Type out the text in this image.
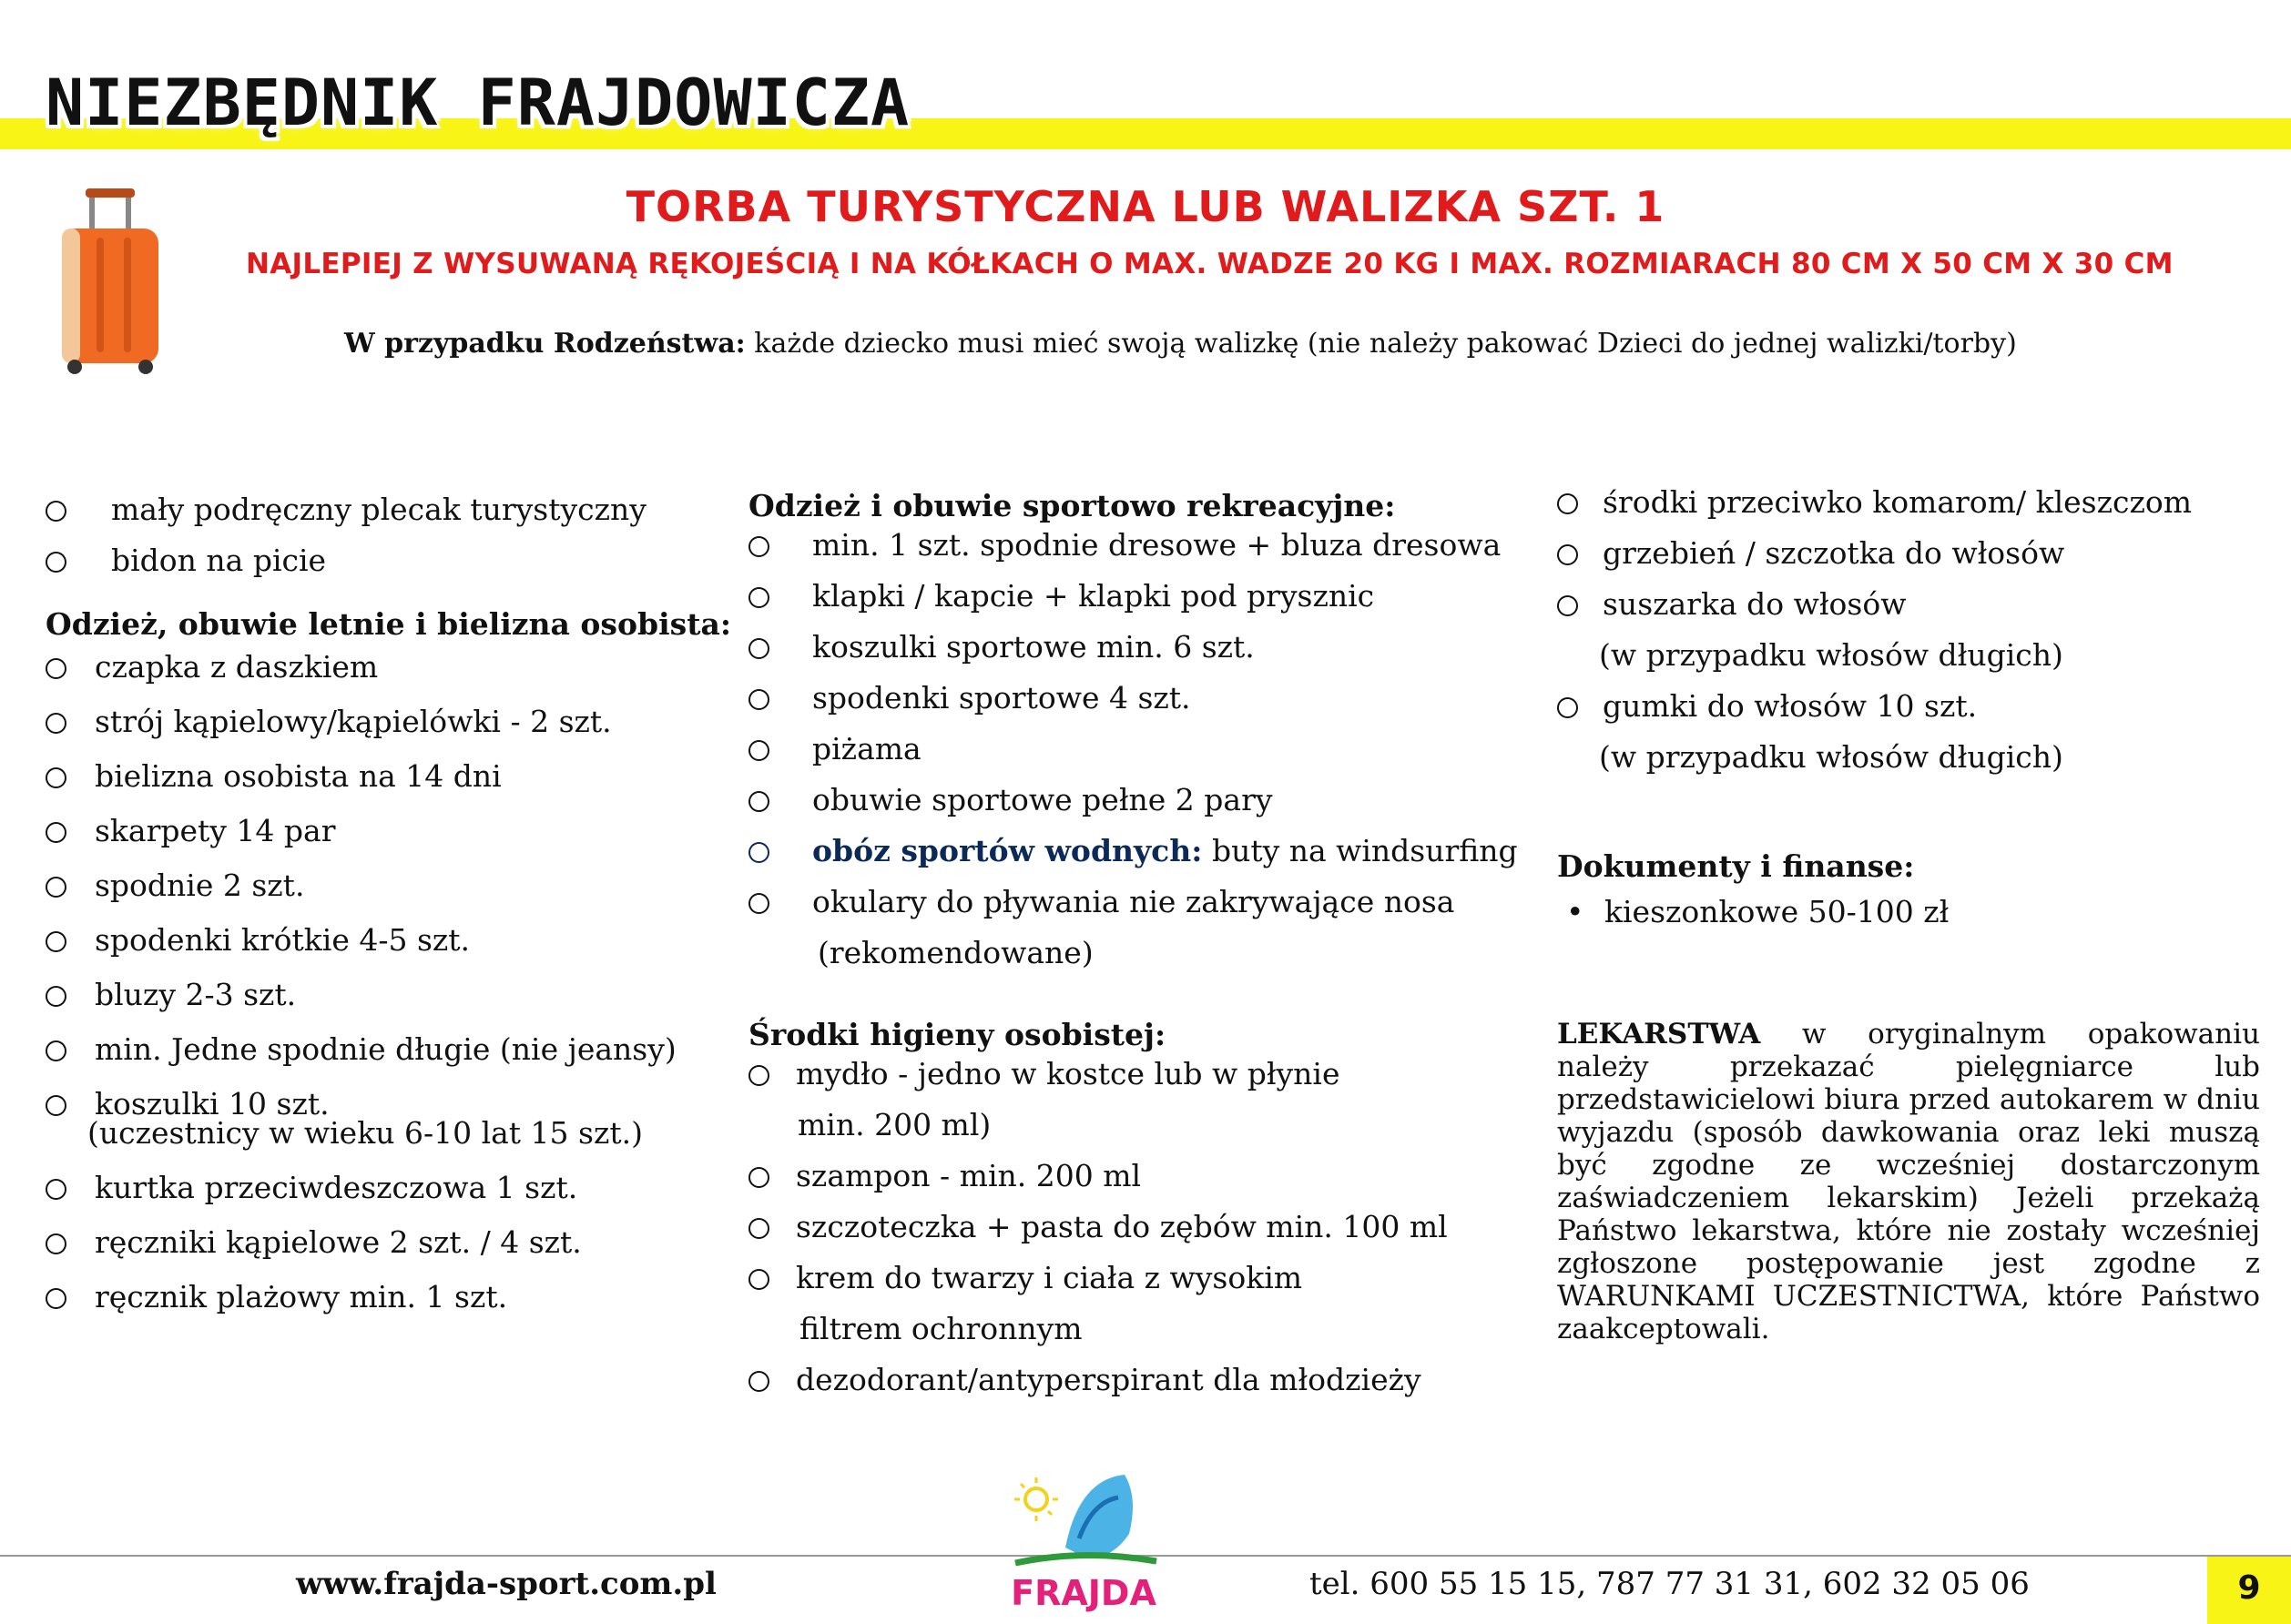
NIEZBĘDNIK FRAJDOWICZA
TORBA TURYSTYCZNA LUB WALIZKA SZT. 1

NAJLEPIEJ Z WYSUWANĄ RĘKOJEŚCIĄ I NA KÓŁKACH O MAX. WADZE 20 KG I MAX. ROZMIARACH 80 CM X 50 CM X 30 CM

W przypadku Rodzeństwa: każde dziecko musi mieć swoją walizkę (nie należy pakować Dzieci do jednej walizki/torby)

mały podręczny plecak turystyczny
bidon na picie

Odzież, obuwie letnie i bielizna osobista:

czapka z daszkiem
strój kąpielowy/kąpielówki - 2 szt.
bielizna osobista na 14 dni
skarpety 14 par
spodnie 2 szt.
spodenki krótkie 4-5 szt.
bluzy 2-3 szt.
min. Jedne spodnie długie (nie jeansy)
koszulki 10 szt.
(uczestnicy w wieku 6-10 lat 15 szt.)
kurtka przeciwdeszczowa 1 szt.
ręczniki kąpielowe 2 szt. / 4 szt.
ręcznik plażowy min. 1 szt.

Odzież i obuwie sportowo rekreacyjne:

min. 1 szt. spodnie dresowe + bluza dresowa
klapki / kapcie + klapki pod prysznic
koszulki sportowe min. 6 szt.
spodenki sportowe 4 szt.
piżama
obuwie sportowe pełne 2 pary
obóz sportów wodnych: buty na windsurfing
okulary do pływania nie zakrywające nosa
(rekomendowane)

Środki higieny osobistej:

mydło - jedno w kostce lub w płynie
min. 200 ml)
szampon - min. 200 ml
szczoteczka + pasta do zębów min. 100 ml
krem do twarzy i ciała z wysokim
filtrem ochronnym
dezodorant/antyperspirant dla młodzieży
środki przeciwko komarom/ kleszczom
grzebień / szczotka do włosów
suszarka do włosów
(w przypadku włosów długich)
gumki do włosów 10 szt.
(w przypadku włosów długich)

Dokumenty i finanse:

• kieszonkowe 50-100 zł

LEKARSTWA w oryginalnym opakowaniu należy przekazać pielęgniarce lub przedstawicielowi biura przed autokarem w dniu wyjazdu (sposób dawkowania oraz leki muszą być zgodne ze wcześniej dostarczonym zaświadczeniem lekarskim) Jeżeli przekażą Państwo lekarstwa, które nie zostały wcześniej zgłoszone postępowanie jest zgodne z WARUNKAMI UCZESTNICTWA, które Państwo zaakceptowali.

www.frajda-sport.com.pl	FRAJDA	tel. 600 55 15 15, 787 77 31 31, 602 32 05 06	9
